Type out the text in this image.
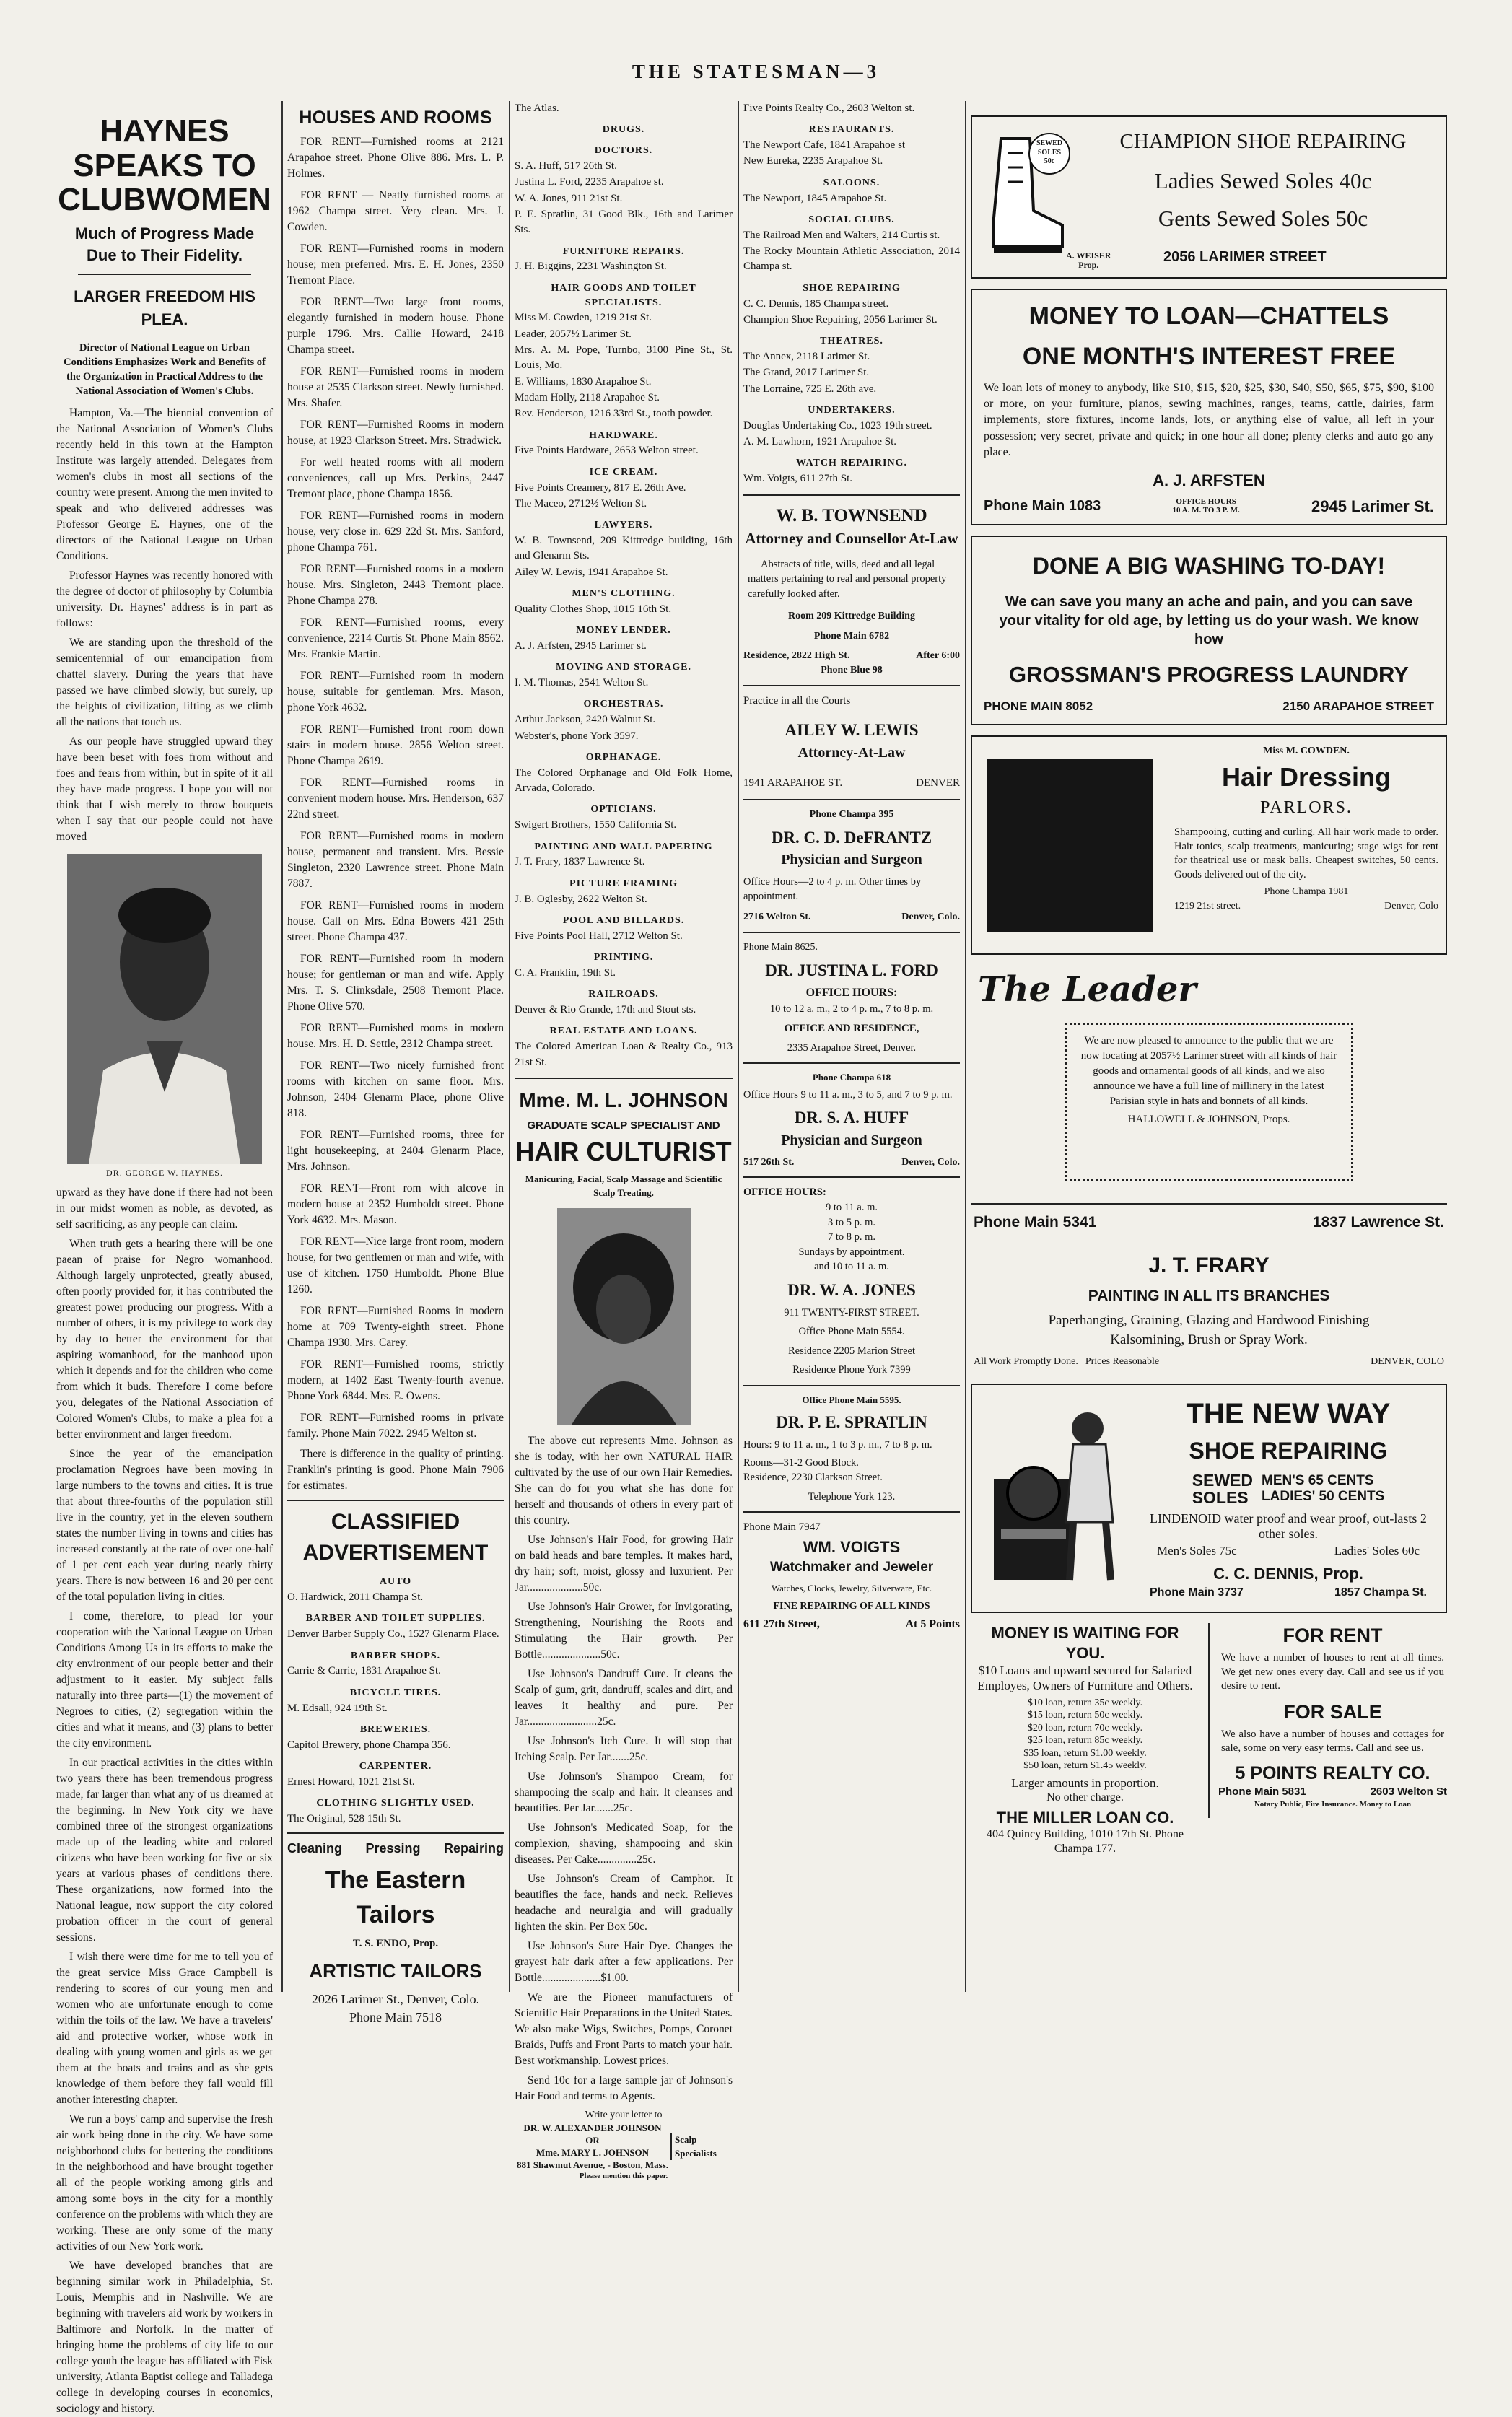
THE STATESMAN—3
HAYNES SPEAKS TO CLUBWOMEN
Much of Progress Made Due to Their Fidelity.
LARGER FREEDOM HIS PLEA.
Director of National League on Urban Conditions Emphasizes Work and Benefits of the Organization in Practical Address to the National Association of Women's Clubs.

Hampton, Va.—The biennial convention of the National Association of Women's Clubs recently held in this town at the Hampton Institute was largely attended. Delegates from women's clubs in most all sections of the country were present. Among the men invited to speak and who delivered addresses was Professor George E. Haynes, one of the directors of the National League on Urban Conditions.

Professor Haynes was recently honored with the degree of doctor of philosophy by Columbia university. Dr. Haynes' address is in part as follows:

We are standing upon the threshold of the semicentennial of our emancipation from chattel slavery. During the years that have passed we have climbed slowly, but surely, up the heights of civilization, lifting as we climb all the nations that touch us.

As our people have struggled upward they have been beset with foes from without and foes and fears from within, but in spite of it all they have made progress. I hope you will not think that I wish merely to throw bouquets when I say that our people could not have moved

DR. GEORGE W. HAYNES.

upward as they have done if there had not been in our midst women as noble, as devoted, as self sacrificing, as any people can claim.

When truth gets a hearing there will be one paean of praise for Negro womanhood. Although largely unprotected, greatly abused, often poorly provided for, it has contributed the greatest power producing our progress. With a number of others, it is my privilege to work day by day to better the environment for that aspiring womanhood, for the manhood upon which it depends and for the children who come from which it buds. Therefore I come before you, delegates of the National Association of Colored Women's Clubs, to make a plea for a better environment and larger freedom.

Since the year of the emancipation proclamation Negroes have been moving in large numbers to the towns and cities. It is true that about three-fourths of the population still live in the country, yet in the eleven southern states the number living in towns and cities has increased constantly at the rate of over one-half of 1 per cent each year during nearly thirty years. There is now between 16 and 20 per cent of the total population living in cities.

I come, therefore, to plead for your cooperation with the National League on Urban Conditions Among Us in its efforts to make the city environment of our people better and their adjustment to it easier. My subject falls naturally into three parts—(1) the movement of Negroes to cities, (2) segregation within the cities and what it means, and (3) plans to better the city environment.

In our practical activities in the cities within two years there has been tremendous progress made, far larger than what any of us dreamed at the beginning. In New York city we have combined three of the strongest organizations made up of the leading white and colored citizens who have been working for five or six years at various phases of conditions there. These organizations, now formed into the National league, now support the city colored probation officer in the court of general sessions.

I wish there were time for me to tell you of the great service Miss Grace Campbell is rendering to scores of our young men and women who are unfortunate enough to come within the toils of the law. We have a travelers' aid and protective worker, whose work in dealing with young women and girls as we get them at the boats and trains and as she gets knowledge of them before they fall would fill another interesting chapter.

We run a boys' camp and supervise the fresh air work being done in the city. We have some neighborhood clubs for bettering the conditions in the neighborhood and have brought together all of the people working among girls and among some boys in the city for a monthly conference on the problems with which they are working. These are only some of the many activities of our New York work.

We have developed branches that are beginning similar work in Philadelphia, St. Louis, Memphis and in Nashville. We are beginning with travelers aid work by workers in Baltimore and Norfolk. In the matter of bringing home the problems of city life to our college youth the league has affiliated with Fisk university, Atlanta Baptist college and Talladega college in developing courses in economics, sociology and history.

HOUSES AND ROOMS

FOR RENT—Furnished rooms at 2121 Arapahoe street. Phone Olive 886. Mrs. L. P. Holmes.

FOR RENT — Neatly furnished rooms at 1962 Champa street. Very clean. Mrs. J. Cowden.

FOR RENT—Furnished rooms in modern house; men preferred. Mrs. E. H. Jones, 2350 Tremont Place.

FOR RENT—Two large front rooms, elegantly furnished in modern house. Phone purple 1796. Mrs. Callie Howard, 2418 Champa street.

FOR RENT—Furnished rooms in modern house at 2535 Clarkson street. Newly furnished. Mrs. Shafer.

FOR RENT—Furnished Rooms in modern house, at 1923 Clarkson Street. Mrs. Stradwick.

For well heated rooms with all modern conveniences, call up Mrs. Perkins, 2447 Tremont place, phone Champa 1856.

FOR RENT—Furnished rooms in modern house, very close in. 629 22d St. Mrs. Sanford, phone Champa 761.

FOR RENT—Furnished rooms in a modern house. Mrs. Singleton, 2443 Tremont place. Phone Champa 278.

FOR RENT—Furnished rooms, every convenience, 2214 Curtis St. Phone Main 8562. Mrs. Frankie Martin.

FOR RENT—Furnished room in modern house, suitable for gentleman. Mrs. Mason, phone York 4632.

FOR RENT—Furnished front room down stairs in modern house. 2856 Welton street. Phone Champa 2619.

FOR RENT—Furnished rooms in convenient modern house. Mrs. Henderson, 637 22nd street.

FOR RENT—Furnished rooms in modern house, permanent and transient. Mrs. Bessie Singleton, 2320 Lawrence street. Phone Main 7887.

FOR RENT—Furnished rooms in modern house. Call on Mrs. Edna Bowers 421 25th street. Phone Champa 437.

FOR RENT—Furnished room in modern house; for gentleman or man and wife. Apply Mrs. T. S. Clinksdale, 2508 Tremont Place. Phone Olive 570.

FOR RENT—Furnished rooms in modern house. Mrs. H. D. Settle, 2312 Champa street.

FOR RENT—Two nicely furnished front rooms with kitchen on same floor. Mrs. Johnson, 2404 Glenarm Place, phone Olive 818.

FOR RENT—Furnished rooms, three for light housekeeping, at 2404 Glenarm Place, Mrs. Johnson.

FOR RENT—Front rom with alcove in modern house at 2352 Humboldt street. Phone York 4632. Mrs. Mason.

FOR RENT—Nice large front room, modern house, for two gentlemen or man and wife, with use of kitchen. 1750 Humboldt. Phone Blue 1260.

FOR RENT—Furnished Rooms in modern home at 709 Twenty-eighth street. Phone Champa 1930. Mrs. Carey.

FOR RENT—Furnished rooms, strictly modern, at 1402 East Twenty-fourth avenue. Phone York 6844. Mrs. E. Owens.

FOR RENT—Furnished rooms in private family. Phone Main 7022. 2945 Welton st.

There is difference in the quality of printing. Franklin's printing is good. Phone Main 7906 for estimates.

CLASSIFIED
ADVERTISEMENT
AUTO

O. Hardwick, 2011 Champa St.

BARBER AND TOILET SUPPLIES.

Denver Barber Supply Co., 1527 Glenarm Place.

BARBER SHOPS.

Carrie & Carrie, 1831 Arapahoe St.

BICYCLE TIRES.

M. Edsall, 924 19th St.

BREWERIES.

Capitol Brewery, phone Champa 356.

CARPENTER.

Ernest Howard, 1021 21st St.

CLOTHING SLIGHTLY USED.

The Original, 528 15th St.

Cleaning Pressing Repairing
The Eastern Tailors
T. S. ENDO, Prop.
ARTISTIC TAILORS
2026 Larimer St., Denver, Colo.
Phone Main 7518

The Atlas.

DRUGS.
DOCTORS.

S. A. Huff, 517 26th St.

Justina L. Ford, 2235 Arapahoe st.

W. A. Jones, 911 21st St.

P. E. Spratlin, 31 Good Blk., 16th and Larimer Sts.

FURNITURE REPAIRS.

J. H. Biggins, 2231 Washington St.

HAIR GOODS AND TOILET SPECIALISTS.

Miss M. Cowden, 1219 21st St.

Leader, 2057½ Larimer St.

Mrs. A. M. Pope, Turnbo, 3100 Pine St., St. Louis, Mo.

E. Williams, 1830 Arapahoe St.

Madam Holly, 2118 Arapahoe St.

Rev. Henderson, 1216 33rd St., tooth powder.

HARDWARE.

Five Points Hardware, 2653 Welton street.

ICE CREAM.

Five Points Creamery, 817 E. 26th Ave.

The Maceo, 2712½ Welton St.

LAWYERS.

W. B. Townsend, 209 Kittredge building, 16th and Glenarm Sts.

Ailey W. Lewis, 1941 Arapahoe St.

MEN'S CLOTHING.

Quality Clothes Shop, 1015 16th St.

MONEY LENDER.

A. J. Arfsten, 2945 Larimer st.

MOVING AND STORAGE.

I. M. Thomas, 2541 Welton St.

ORCHESTRAS.

Arthur Jackson, 2420 Walnut St.

Webster's, phone York 3597.

ORPHANAGE.

The Colored Orphanage and Old Folk Home, Arvada, Colorado.

OPTICIANS.

Swigert Brothers, 1550 California St.

PAINTING AND WALL PAPERING

J. T. Frary, 1837 Lawrence St.

PICTURE FRAMING

J. B. Oglesby, 2622 Welton St.

POOL AND BILLARDS.

Five Points Pool Hall, 2712 Welton St.

PRINTING.

C. A. Franklin, 19th St.

RAILROADS.

Denver & Rio Grande, 17th and Stout sts.

REAL ESTATE AND LOANS.

The Colored American Loan & Realty Co., 913 21st St.

Mme. M. L. JOHNSON
GRADUATE SCALP SPECIALIST AND
HAIR CULTURIST
Manicuring, Facial, Scalp Massage and Scientific Scalp Treating.

The above cut represents Mme. Johnson as she is today, with her own NATURAL HAIR cultivated by the use of our own Hair Remedies. She can do for you what she has done for herself and thousands of others in every part of this country.

Use Johnson's Hair Food, for growing Hair on bald heads and bare temples. It makes hard, dry hair; soft, moist, glossy and luxurient. Per Jar....................50c.

Use Johnson's Hair Grower, for Invigorating, Strengthening, Nourishing the Roots and Stimulating the Hair growth. Per Bottle.....................50c.

Use Johnson's Dandruff Cure. It cleans the Scalp of gum, grit, dandruff, scales and dirt, and leaves it healthy and pure. Per Jar.........................25c.

Use Johnson's Itch Cure. It will stop that Itching Scalp. Per Jar.......25c.

Use Johnson's Shampoo Cream, for shampooing the scalp and hair. It cleanses and beautifies. Per Jar.......25c.

Use Johnson's Medicated Soap, for the complexion, shaving, shampooing and skin diseases. Per Cake..............25c.

Use Johnson's Cream of Camphor. It beautifies the face, hands and neck. Relieves headache and neuralgia and will gradually lighten the skin. Per Box 50c.

Use Johnson's Sure Hair Dye. Changes the grayest hair dark after a few applications. Per Bottle.....................$1.00.

We are the Pioneer manufacturers of Scientific Hair Preparations in the United States. We also make Wigs, Switches, Pomps, Coronet Braids, Puffs and Front Parts to match your hair. Best workmanship. Lowest prices.

Send 10c for a large sample jar of Johnson's Hair Food and terms to Agents.

Write your letter to
DR. W. ALEXANDER JOHNSON
OR
Mme. MARY L. JOHNSON
881 Shawmut Avenue, - Boston, Mass.
Scalp Specialists
Please mention this paper.

Five Points Realty Co., 2603 Welton st.

RESTAURANTS.

The Newport Cafe, 1841 Arapahoe st

New Eureka, 2235 Arapahoe St.

SALOONS.

The Newport, 1845 Arapahoe St.

SOCIAL CLUBS.

The Railroad Men and Walters, 214 Curtis st.

The Rocky Mountain Athletic Association, 2014 Champa st.

SHOE REPAIRING

C. C. Dennis, 185 Champa street.

Champion Shoe Repairing, 2056 Larimer St.

THEATRES.

The Annex, 2118 Larimer St.

The Grand, 2017 Larimer St.

The Lorraine, 725 E. 26th ave.

UNDERTAKERS.

Douglas Undertaking Co., 1023 19th street.

A. M. Lawhorn, 1921 Arapahoe St.

WATCH REPAIRING.

Wm. Voigts, 611 27th St.

W. B. TOWNSEND
Attorney and Counsellor At-Law

Abstracts of title, wills, deed and all legal matters pertaining to real and personal property carefully looked after.

Room 209 Kittredge Building
Phone Main 6782
Residence, 2822 High St.	After 6:00
Phone Blue 98
Practice in all the Courts
AILEY W. LEWIS
Attorney-At-Law
1941 ARAPAHOE ST.	DENVER
Phone Champa 395
DR. C. D. DeFRANTZ
Physician and Surgeon
Office Hours—2 to 4 p. m. Other times by appointment.
2716 Welton St.	Denver, Colo.
Phone Main 8625.
DR. JUSTINA L. FORD
OFFICE HOURS:
10 to 12 a. m., 2 to 4 p. m., 7 to 8 p. m.
OFFICE AND RESIDENCE,
2335 Arapahoe Street, Denver.
Phone Champa 618
Office Hours 9 to 11 a. m., 3 to 5, and 7 to 9 p. m.
DR. S. A. HUFF
Physician and Surgeon
517 26th St.	Denver, Colo.
OFFICE HOURS:
9 to 11 a. m.
3 to 5 p. m.
7 to 8 p. m.
Sundays by appointment.
and 10 to 11 a. m.
DR. W. A. JONES
911 TWENTY-FIRST STREET.
Office Phone Main 5554.
Residence 2205 Marion Street
Residence Phone York 7399
Office Phone Main 5595.
DR. P. E. SPRATLIN
Hours: 9 to 11 a. m., 1 to 3 p. m., 7 to 8 p. m.
Rooms—31-2 Good Block.
Residence, 2230 Clarkson Street.
Telephone York 123.
Phone Main 7947
WM. VOIGTS
Watchmaker and Jeweler
Watches, Clocks, Jewelry, Silverware, Etc.
FINE REPAIRING OF ALL KINDS
611 27th Street,	At 5 Points
SEWED
SOLES
50c
CHAMPION SHOE REPAIRING
Ladies Sewed Soles 40c
Gents Sewed Soles 50c
A. WEISER
Prop.
2056 LARIMER STREET
MONEY TO LOAN—CHATTELS
ONE MONTH'S INTEREST FREE
We loan lots of money to anybody, like $10, $15, $20, $25, $30, $40, $50, $65, $75, $90, $100 or more, on your furniture, pianos, sewing machines, ranges, teams, cattle, dairies, farm implements, store fixtures, income lands, lots, or anything else of value, all left in your possession; very secret, private and quick; in one hour all done; plenty clerks and auto go any place.
A. J. ARFSTEN
Phone Main 1083	OFFICE HOURS
10 A. M. TO 3 P. M.	2945 Larimer St.
DONE A BIG WASHING TO-DAY!
We can save you many an ache and pain, and you can save your vitality for old age, by letting us do your wash. We know how
GROSSMAN'S PROGRESS LAUNDRY
PHONE MAIN 8052	2150 ARAPAHOE STREET
Miss M. COWDEN.
Hair Dressing
PARLORS.
Shampooing, cutting and curling. All hair work made to order. Hair tonics, scalp treatments, manicuring; stage wigs for rent for theatrical use or mask balls. Cheapest switches, 50 cents. Goods delivered out of the city.
Phone Champa 1981
1219 21st street.	Denver, Colo
The Leader
We are now pleased to announce to the public that we are now locating at 2057½ Larimer street with all kinds of hair goods and ornamental goods of all kinds, and we also announce we have a full line of millinery in the latest Parisian style in hats and bonnets of all kinds.
HALLOWELL & JOHNSON, Props.
Phone Main 5341	1837 Lawrence St.
J. T. FRARY
PAINTING IN ALL ITS BRANCHES
Paperhanging, Graining, Glazing and Hardwood Finishing
Kalsomining, Brush or Spray Work.
All Work Promptly Done. Prices Reasonable	DENVER, COLO
THE NEW WAY
SHOE REPAIRING
SEWED
SOLES
MEN'S 65 CENTS
LADIES' 50 CENTS
LINDENOID water proof and wear proof, out-lasts 2 other soles.
Men's Soles 75c	Ladies' Soles 60c
C. C. DENNIS, Prop.
Phone Main 3737	1857 Champa St.
MONEY IS WAITING FOR YOU.
$10 Loans and upward secured for Salaried Employes, Owners of Furniture and Others.
$10 loan, return 35c weekly.
$15 loan, return 50c weekly.
$20 loan, return 70c weekly.
$25 loan, return 85c weekly.
$35 loan, return $1.00 weekly.
$50 loan, return $1.45 weekly.
Larger amounts in proportion.
No other charge.
THE MILLER LOAN CO.
404 Quincy Building, 1010 17th St. Phone Champa 177.
FOR RENT
We have a number of houses to rent at all times. We get new ones every day. Call and see us if you desire to rent.
FOR SALE
We also have a number of houses and cottages for sale, some on very easy terms. Call and see us.
5 POINTS REALTY CO.
Phone Main 5831	2603 Welton St
Notary Public, Fire Insurance. Money to Loan
